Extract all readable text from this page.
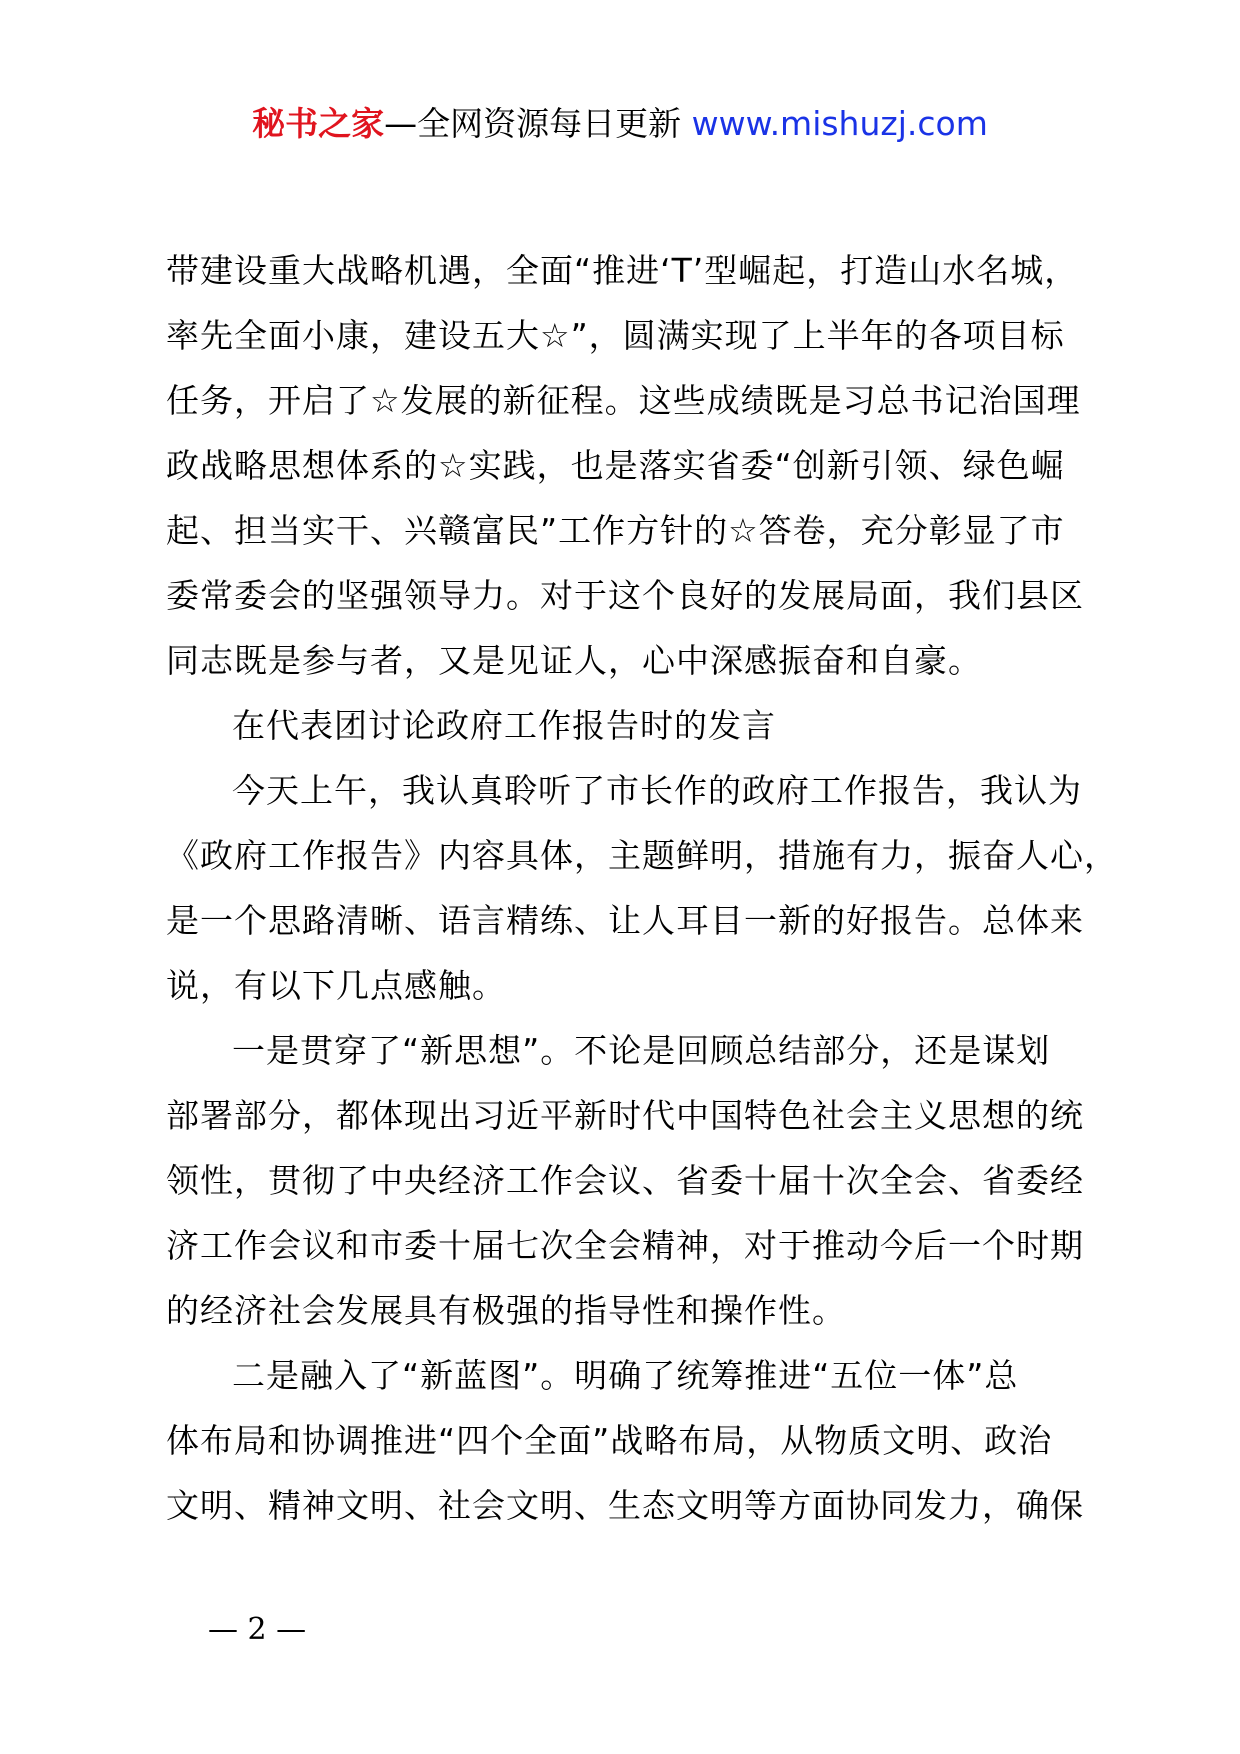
秘书之家—全网资源每日更新 www.mishuzj.com
带建设重大战略机遇，全面“推进‘T’型崛起，打造山水名城，
率先全面小康，建设五大☆”，圆满实现了上半年的各项目标
任务，开启了☆发展的新征程。这些成绩既是习总书记治国理
政战略思想体系的☆实践，也是落实省委“创新引领、绿色崛
起、担当实干、兴赣富民”工作方针的☆答卷，充分彰显了市
委常委会的坚强领导力。对于这个良好的发展局面，我们县区
同志既是参与者，又是见证人，心中深感振奋和自豪。
在代表团讨论政府工作报告时的发言
今天上午，我认真聆听了市长作的政府工作报告，我认为
《政府工作报告》内容具体，主题鲜明，措施有力，振奋人心，
是一个思路清晰、语言精练、让人耳目一新的好报告。总体来
说，有以下几点感触。
一是贯穿了“新思想”。不论是回顾总结部分，还是谋划
部署部分，都体现出习近平新时代中国特色社会主义思想的统
领性，贯彻了中央经济工作会议、省委十届十次全会、省委经
济工作会议和市委十届七次全会精神，对于推动今后一个时期
的经济社会发展具有极强的指导性和操作性。
二是融入了“新蓝图”。明确了统筹推进“五位一体”总
体布局和协调推进“四个全面”战略布局，从物质文明、政治
文明、精神文明、社会文明、生态文明等方面协同发力，确保
— 2 —
